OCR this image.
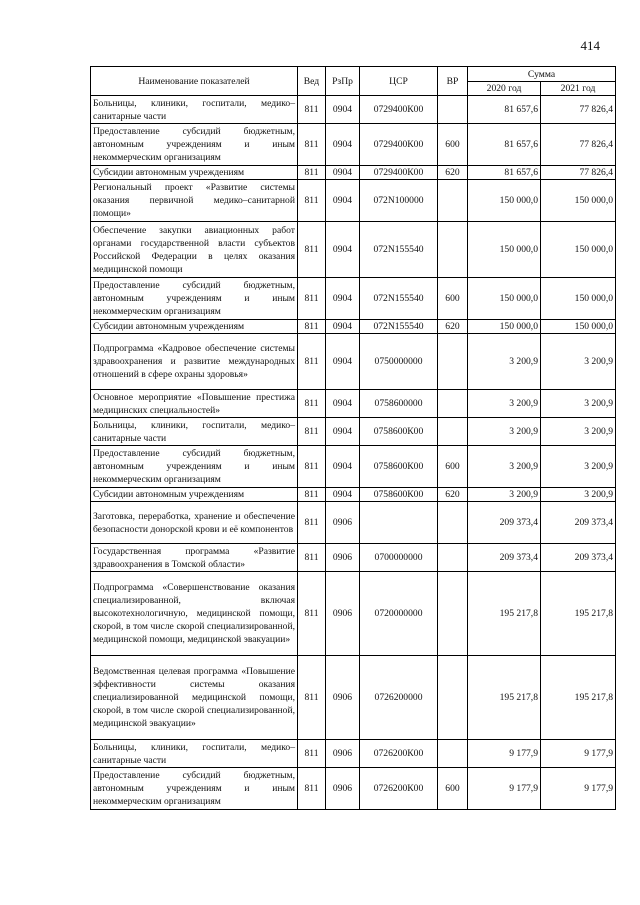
414
Наименование показателей	Вед	РзПр	ЦСР	ВР	Сумма	
					2020 год	2021 год
Больницы, клиники, госпитали, медико–санитарные части	811	0904	0729400К00		81 657,6	77 826,4
Предоставление субсидий бюджетным, автономным учреждениям и иным некоммерческим организациям	811	0904	0729400К00	600	81 657,6	77 826,4
Субсидии автономным учреждениям	811	0904	0729400К00	620	81 657,6	77 826,4
Региональный проект «Развитие системы оказания первичной медико–санитарной помощи»	811	0904	072N100000		150 000,0	150 000,0
Обеспечение закупки авиационных работ органами государственной власти субъектов Российской Федерации в целях оказания медицинской помощи	811	0904	072N155540		150 000,0	150 000,0
Предоставление субсидий бюджетным, автономным учреждениям и иным некоммерческим организациям	811	0904	072N155540	600	150 000,0	150 000,0
Субсидии автономным учреждениям	811	0904	072N155540	620	150 000,0	150 000,0
Подпрограмма «Кадровое обеспечение системы здравоохранения и развитие международных отношений в сфере охраны здоровья»	811	0904	0750000000		3 200,9	3 200,9
Основное мероприятие «Повышение престижа медицинских специальностей»	811	0904	0758600000		3 200,9	3 200,9
Больницы, клиники, госпитали, медико–санитарные части	811	0904	0758600К00		3 200,9	3 200,9
Предоставление субсидий бюджетным, автономным учреждениям и иным некоммерческим организациям	811	0904	0758600К00	600	3 200,9	3 200,9
Субсидии автономным учреждениям	811	0904	0758600К00	620	3 200,9	3 200,9
Заготовка, переработка, хранение и обеспечение безопасности донорской крови и её компонентов	811	0906			209 373,4	209 373,4
Государственная программа «Развитие здравоохранения в Томской области»	811	0906	0700000000		209 373,4	209 373,4
Подпрограмма «Совершенствование оказания специализированной, включая высокотехнологичную, медицинской помощи, скорой, в том числе скорой специализированной, медицинской помощи, медицинской эвакуации»	811	0906	0720000000		195 217,8	195 217,8
Ведомственная целевая программа «Повышение эффективности системы оказания специализированной медицинской помощи, скорой, в том числе скорой специализированной, медицинской эвакуации»	811	0906	0726200000		195 217,8	195 217,8
Больницы, клиники, госпитали, медико–санитарные части	811	0906	0726200К00		9 177,9	9 177,9
Предоставление субсидий бюджетным, автономным учреждениям и иным некоммерческим организациям	811	0906	0726200К00	600	9 177,9	9 177,9
